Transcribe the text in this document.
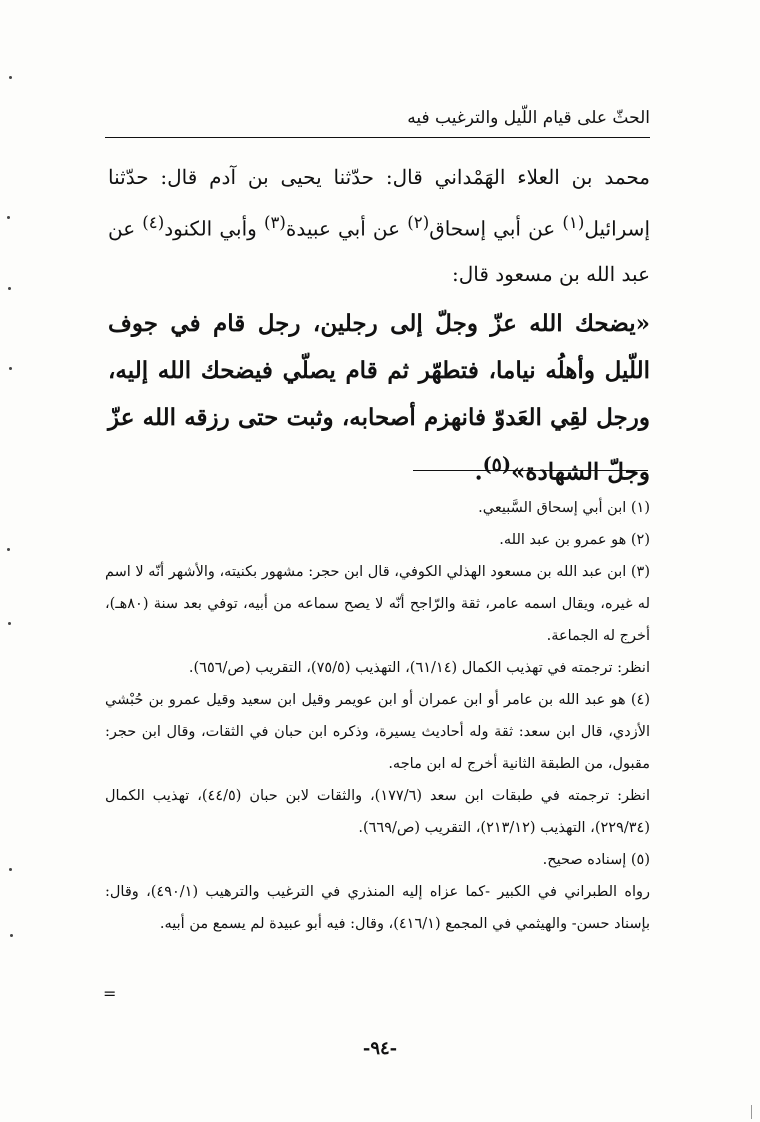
الحثّ على قيام اللّيل والترغيب فيه

محمد بن العلاء الهَمْداني قال: حدّثنا يحيى بن آدم قال: حدّثنا إسرائيل$^{(١)}$ عن أبي إسحاق$^{(٢)}$ عن أبي عبيدة$^{(٣)}$ وأبي الكنود$^{(٤)}$ عن عبد الله بن مسعود قال:

«يضحك الله عزّ وجلّ إلى رجلين، رجل قام في جوف اللّيل وأهلُه نياما، فتطهّر ثم قام يصلّي فيضحك الله إليه، ورجل لقِي العَدوّ فانهزم أصحابه، وثبت حتى رزقه الله عزّ وجلّ الشهادة»$^{(٥)}$.

(١) ابن أبي إسحاق السَّبيعي.

(٢) هو عمرو بن عبد الله.

(٣) ابن عبد الله بن مسعود الهذلي الكوفي، قال ابن حجر: مشهور بكنيته، والأشهر أنّه لا اسم له غيره، ويقال اسمه عامر، ثقة والرّاجح أنّه لا يصح سماعه من أبيه، توفي بعد سنة (٨٠هـ)، أخرج له الجماعة.

انظر: ترجمته في تهذيب الكمال (٦١/١٤)، التهذيب (٧٥/٥)، التقريب (ص/٦٥٦).

(٤) هو عبد الله بن عامر أو ابن عمران أو ابن عويمر وقيل ابن سعيد وقيل عمرو بن حُبْشي الأزدي، قال ابن سعد: ثقة وله أحاديث يسيرة، وذكره ابن حبان في الثقات، وقال ابن حجر: مقبول، من الطبقة الثانية أخرج له ابن ماجه.

انظر: ترجمته في طبقات ابن سعد (١٧٧/٦)، والثقات لابن حبان (٤٤/٥)، تهذيب الكمال (٢٢٩/٣٤)، التهذيب (٢١٣/١٢)، التقريب (ص/٦٦٩).

(٥) إسناده صحيح.

رواه الطبراني في الكبير -كما عزاه إليه المنذري في الترغيب والترهيب (٤٩٠/١)، وقال: بإسناد حسن- والهيثمي في المجمع (٤١٦/١)، وقال: فيه أبو عبيدة لم يسمع من أبيه.

=
-٩٤-
